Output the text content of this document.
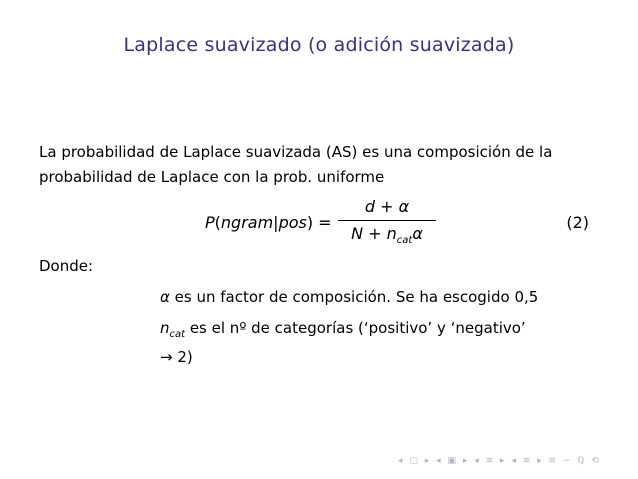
Laplace suavizado (o adición suavizada)
La probabilidad de Laplace suavizada (AS) es una composición de la
probabilidad de Laplace con la prob. uniforme
P(ngram|pos) =
d + α
$N + n_{cat}\alpha$
(2)
Donde:
α es un factor de composición. Se ha escogido 0,5
$n_{cat}$ es el nº de categorías (‘positivo’ y ‘negativo’
→ 2)
◂ ▢ ▸ ◂ ▣ ▸ ◂ ≡ ▸ ◂ ≡ ▸ ≡ ∽ ℚ ⟲
